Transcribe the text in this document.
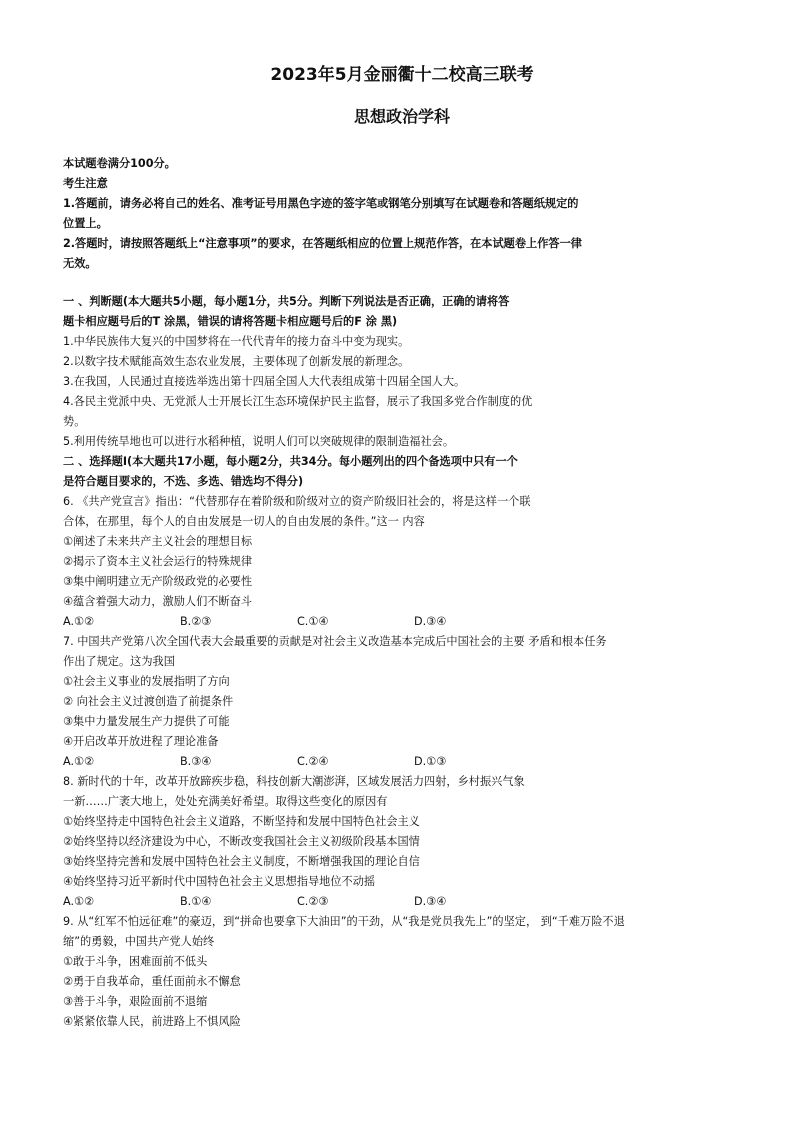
2023年5月金丽衢十二校高三联考
思想政治学科
本试题卷满分100分。
考生注意
1.答题前，请务必将自己的姓名、准考证号用黑色字迹的签字笔或钢笔分别填写在试题卷和答题纸规定的
位置上。
2.答题时，请按照答题纸上“注意事项”的要求，在答题纸相应的位置上规范作答，在本试题卷上作答一律
无效。
一 、判断题(本大题共5小题，每小题1分，共5分。判断下列说法是否正确，正确的请将答
题卡相应题号后的T 涂黑，错误的请将答题卡相应题号后的F 涂 黑)
1.中华民族伟大复兴的中国梦将在一代代青年的接力奋斗中变为现实。
2.以数字技术赋能高效生态农业发展，主要体现了创新发展的新理念。
3.在我国，人民通过直接选举选出第十四届全国人大代表组成第十四届全国人大。
4.各民主党派中央、无党派人士开展长江生态环境保护民主监督，展示了我国多党合作制度的优
势。
5.利用传统旱地也可以进行水稻种植，说明人们可以突破规律的限制造福社会。
二 、选择题Ⅰ(本大题共17小题，每小题2分，共34分。每小题列出的四个备选项中只有一个
是符合题目要求的，不选、多选、错选均不得分)
6. 《共产党宣言》指出：“代替那存在着阶级和阶级对立的资产阶级旧社会的，将是这样一个联
合体，在那里，每个人的自由发展是一切人的自由发展的条件。”这一 内容
①阐述了未来共产主义社会的理想目标
②揭示了资本主义社会运行的特殊规律
③集中阐明建立无产阶级政党的必要性
④蕴含着强大动力，激励人们不断奋斗
A.①②	B.②③	C.①④	D.③④
7. 中国共产党第八次全国代表大会最重要的贡献是对社会主义改造基本完成后中国社会的主要 矛盾和根本任务
作出了规定。这为我国
①社会主义事业的发展指明了方向
② 向社会主义过渡创造了前提条件
③集中力量发展生产力提供了可能
④开启改革开放进程了理论准备
A.①②	B.③④	C.②④	D.①③
8. 新时代的十年，改革开放蹄疾步稳，科技创新大潮澎湃，区域发展活力四射，乡村振兴气象
一新……广袤大地上，处处充满美好希望。取得这些变化的原因有
①始终坚持走中国特色社会主义道路，不断坚持和发展中国特色社会主义
②始终坚持以经济建设为中心，不断改变我国社会主义初级阶段基本国情
③始终坚持完善和发展中国特色社会主义制度，不断增强我国的理论自信
④始终坚持习近平新时代中国特色社会主义思想指导地位不动摇
A.①②	B.①④	C.②③	D.③④
9. 从“红军不怕远征难”的豪迈，到“拼命也要拿下大油田”的干劲，从“我是党员我先上”的坚定， 到“千难万险不退
缩”的勇毅，中国共产党人始终
①敢于斗争，困难面前不低头
②勇于自我革命，重任面前永不懈怠
③善于斗争，艰险面前不退缩
④紧紧依靠人民，前进路上不惧风险
